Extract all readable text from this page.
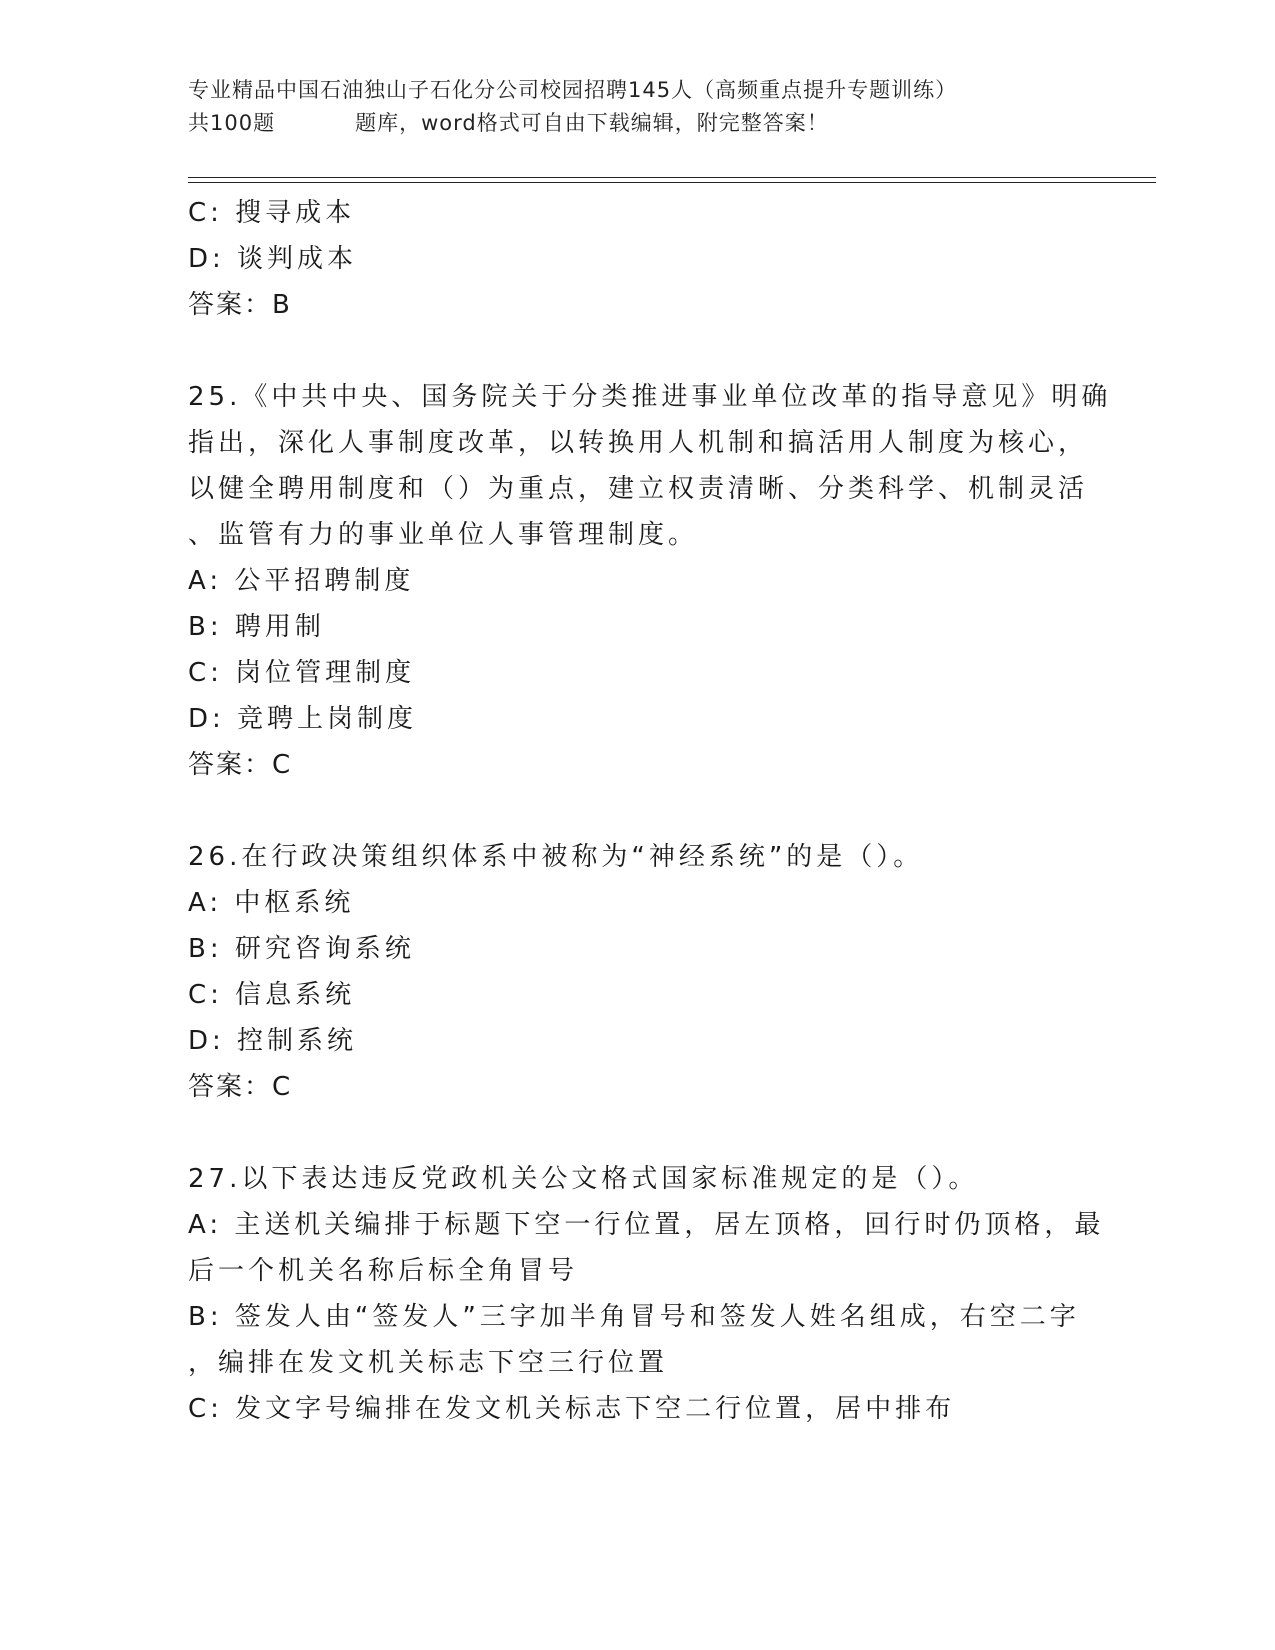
专业精品中国石油独山子石化分公司校园招聘145人（高频重点提升专题训练）
共100题	题库，word格式可自由下载编辑，附完整答案！
C: 搜寻成本
D: 谈判成本
答案：B
25.《中共中央、国务院关于分类推进事业单位改革的指导意见》明确
指出，深化人事制度改革，以转换用人机制和搞活用人制度为核心，
以健全聘用制度和（）为重点，建立权责清晰、分类科学、机制灵活
、监管有力的事业单位人事管理制度。
A: 公平招聘制度
B: 聘用制
C: 岗位管理制度
D: 竞聘上岗制度
答案：C
26.在行政决策组织体系中被称为“神经系统”的是（）。
A: 中枢系统
B: 研究咨询系统
C: 信息系统
D: 控制系统
答案：C
27.以下表达违反党政机关公文格式国家标准规定的是（）。
A: 主送机关编排于标题下空一行位置，居左顶格，回行时仍顶格，最
后一个机关名称后标全角冒号
B: 签发人由“签发人”三字加半角冒号和签发人姓名组成，右空二字
，编排在发文机关标志下空三行位置
C: 发文字号编排在发文机关标志下空二行位置，居中排布
